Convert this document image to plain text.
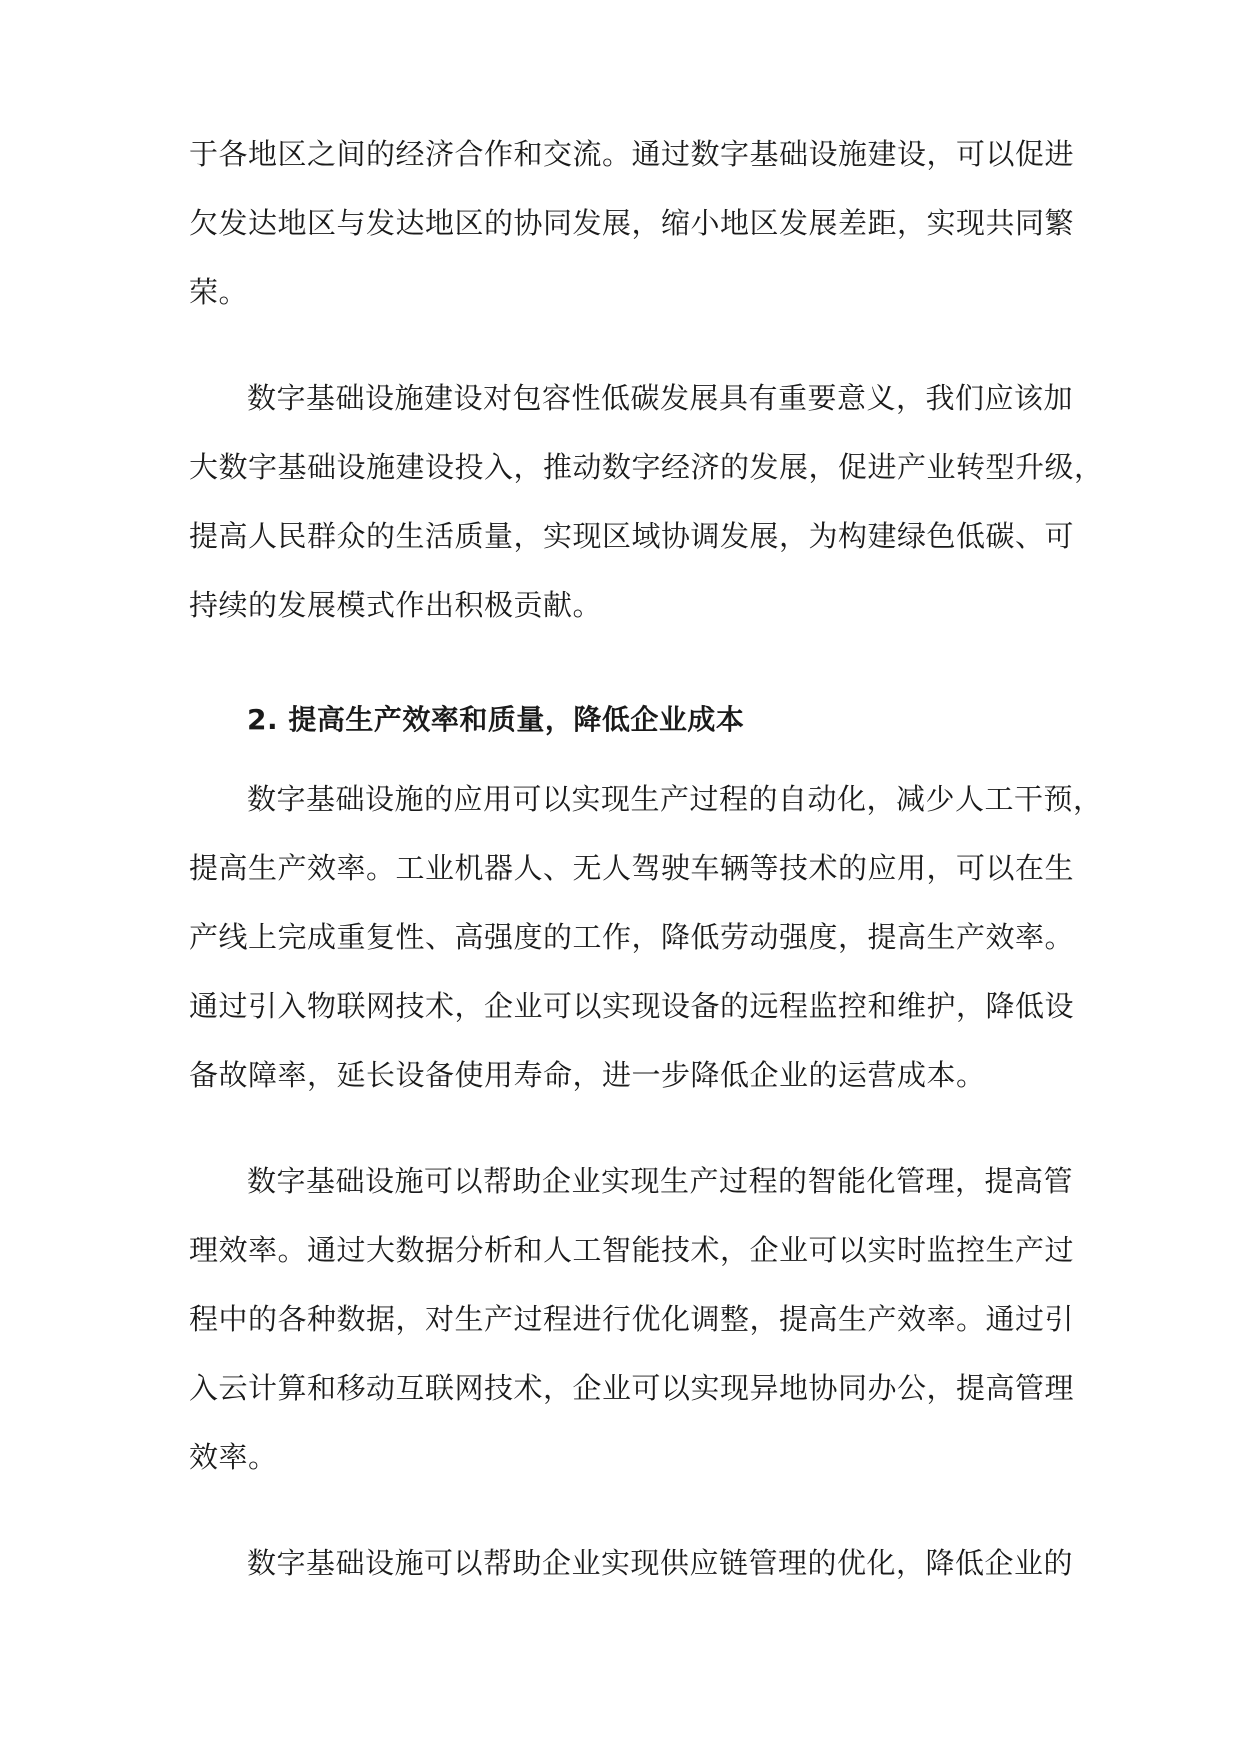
于各地区之间的经济合作和交流。通过数字基础设施建设，可以促进
欠发达地区与发达地区的协同发展，缩小地区发展差距，实现共同繁
荣。
数字基础设施建设对包容性低碳发展具有重要意义，我们应该加
大数字基础设施建设投入，推动数字经济的发展，促进产业转型升级，
提高人民群众的生活质量，实现区域协调发展，为构建绿色低碳、可
持续的发展模式作出积极贡献。
2. 提高生产效率和质量，降低企业成本
数字基础设施的应用可以实现生产过程的自动化，减少人工干预，
提高生产效率。工业机器人、无人驾驶车辆等技术的应用，可以在生
产线上完成重复性、高强度的工作，降低劳动强度，提高生产效率。
通过引入物联网技术，企业可以实现设备的远程监控和维护，降低设
备故障率，延长设备使用寿命，进一步降低企业的运营成本。
数字基础设施可以帮助企业实现生产过程的智能化管理，提高管
理效率。通过大数据分析和人工智能技术，企业可以实时监控生产过
程中的各种数据，对生产过程进行优化调整，提高生产效率。通过引
入云计算和移动互联网技术，企业可以实现异地协同办公，提高管理
效率。
数字基础设施可以帮助企业实现供应链管理的优化，降低企业的
